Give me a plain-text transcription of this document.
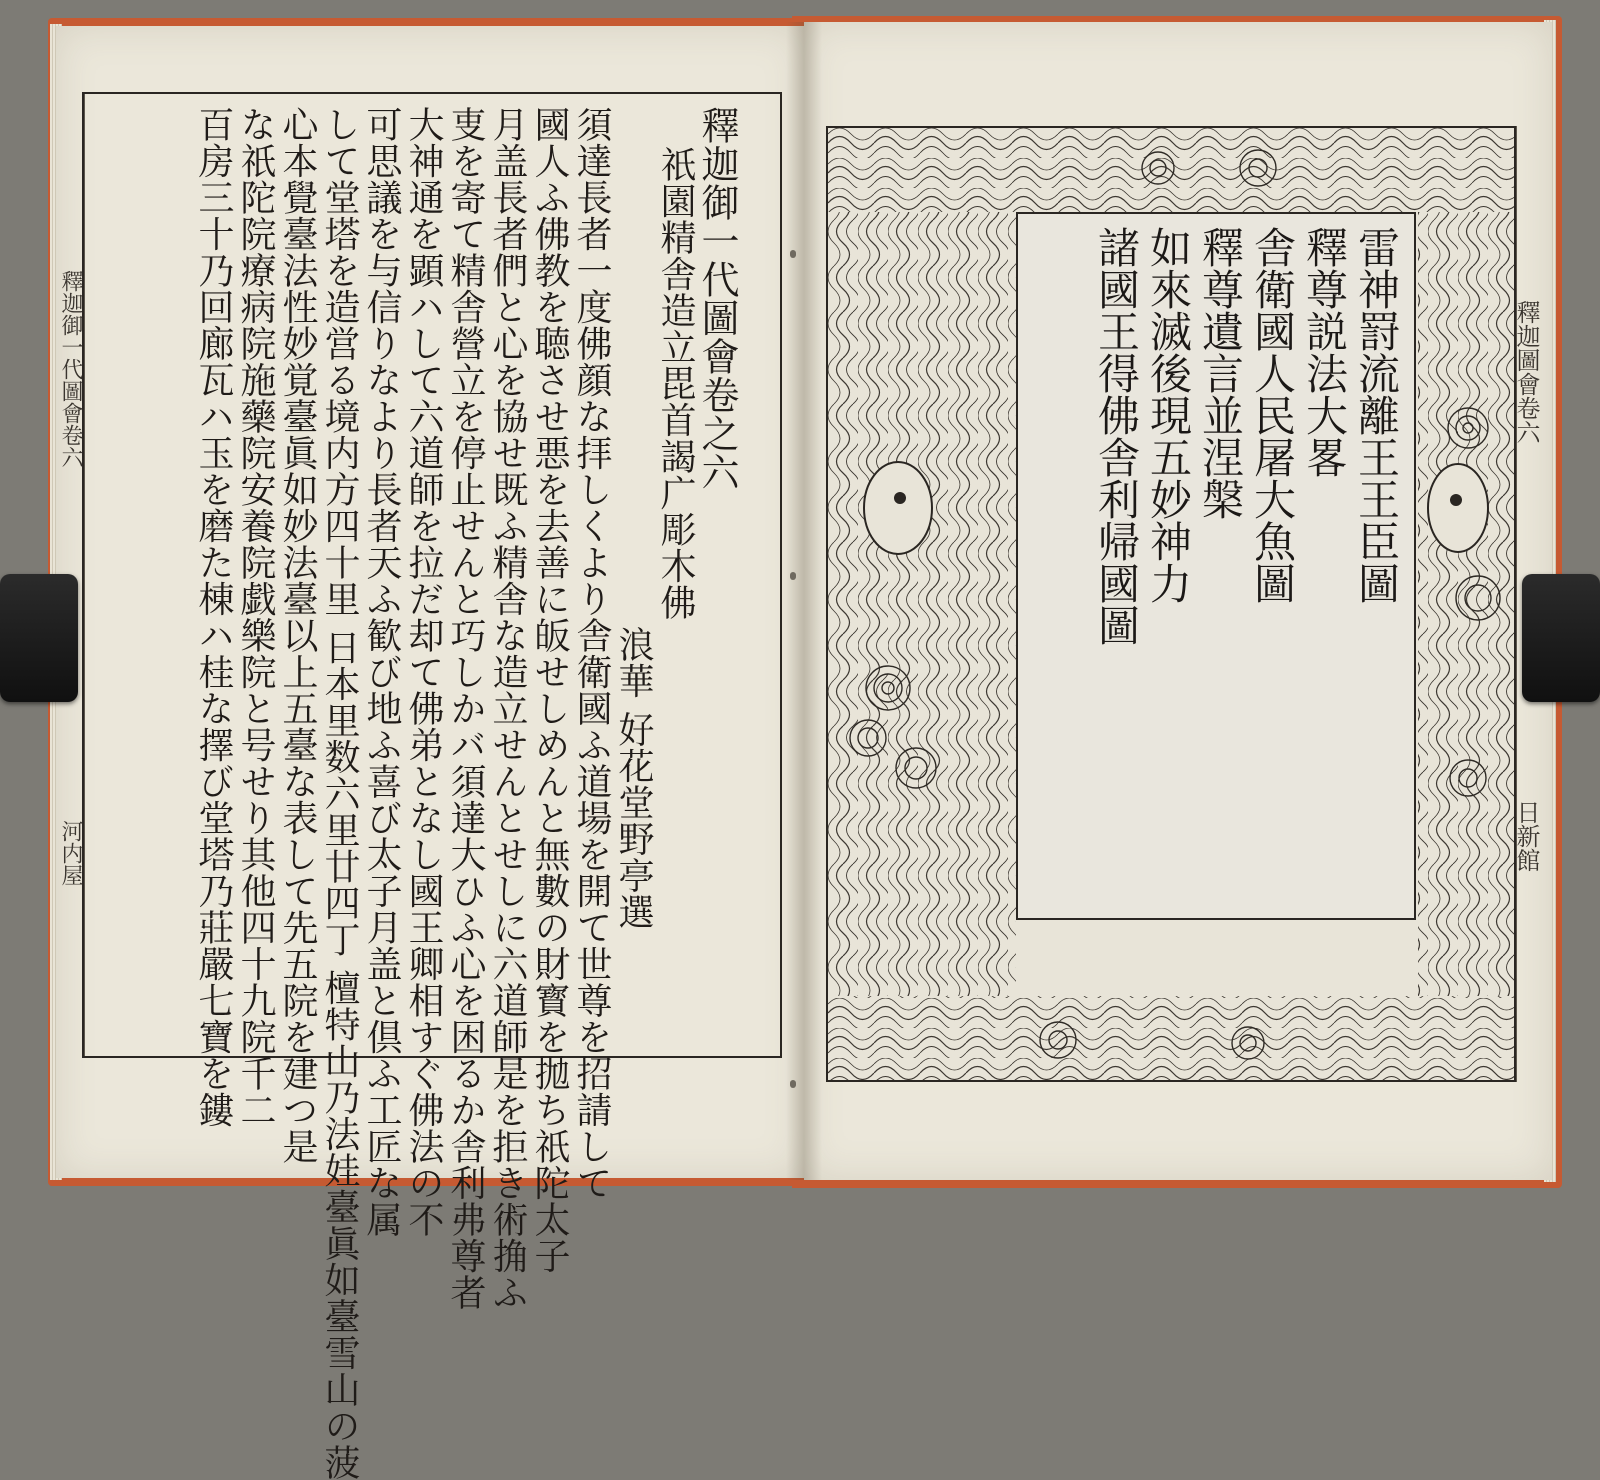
釋迦御一代圖會卷六
河内屋
釋迦御一代圖會卷之六
祇園精舎造立毘首謁广彫木佛
浪華 好花堂野亭選
須達長者一度佛顔な拝しくより舎衛國ふ道場を開て世尊を招請して
國人ふ佛教を聴させ悪を去善に皈せしめんと無數の財寳を拋ち祇陀太子
月盖長者們と心を協せ既ふ精舎な造立せんとせしに六道師是を拒き術捔ふ
叓を寄て精舎營立を停止せんと巧しかバ須達大ひふ心を困るか舎利弗尊者
大神通を顕ハして六道師を拉だ却て佛弟となし國王卿相すぐ佛法の不
可思議を与信りなより長者天ふ歓び地ふ喜び太子月盖と倶ふ工匠な属
して堂塔を造営る境内方四十里 日本里数六里廿四丁 檀特山乃法娃臺眞如臺雪山の菠
心本覺臺法性妙覚臺眞如妙法臺以上五臺な表して先五院を建つ是
な祇陀院療病院施藥院安養院戯樂院と号せり其他四十九院千二
百房三十乃回廊瓦ハ玉を磨た棟ハ桂な擇び堂塔乃莊嚴七寶を鏤	雷神罸流離王王臣圖
釋尊説法大畧
舎衛國人民屠大魚圖
釋尊遺言並涅槃
如來滅後現五妙神力
諸國王得佛舎利帰國圖	釋迦圖會卷六
日新館
